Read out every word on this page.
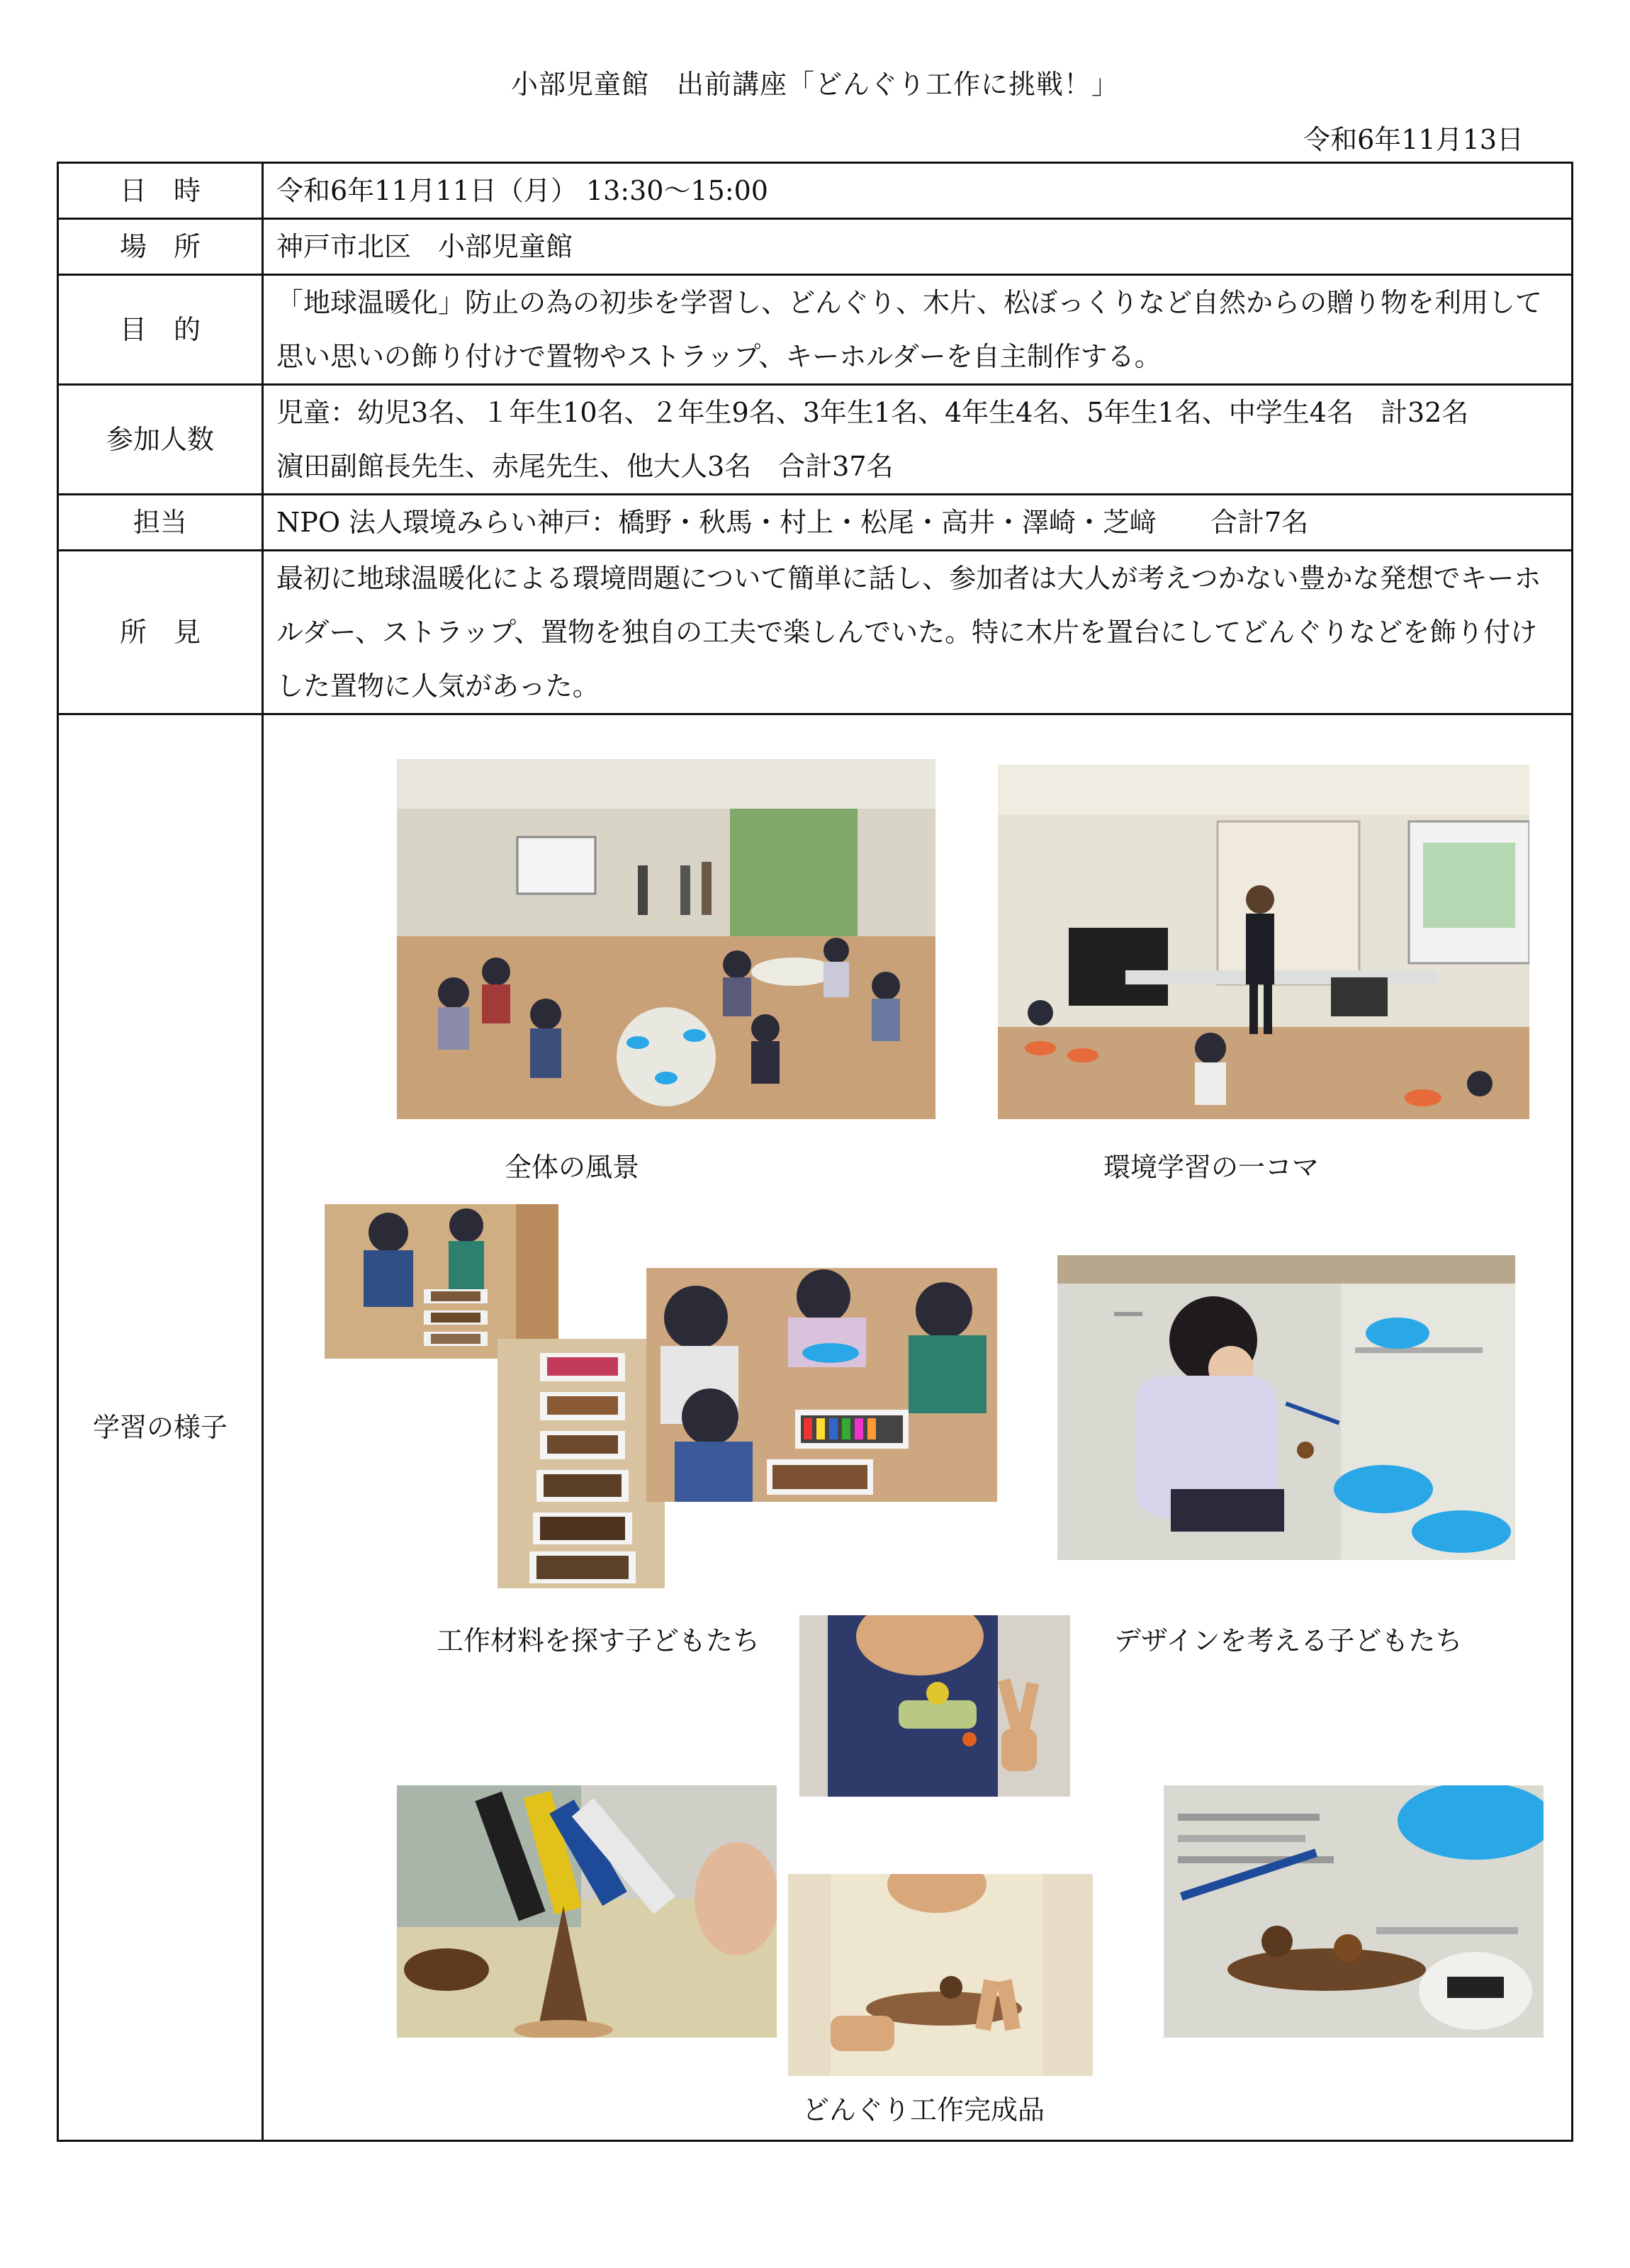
小部児童館　出前講座「どんぐり工作に挑戦！」
令和6年11月13日
日　時	令和6年11月11日（月） 13:30〜15:00
場　所	神戸市北区　小部児童館
目　的	「地球温暖化」防止の為の初歩を学習し、どんぐり、木片、松ぼっくりなど自然からの贈り物を利用して思い思いの飾り付けで置物やストラップ、キーホルダーを自主制作する。
参加人数	児童：幼児3名、１年生10名、２年生9名、3年生1名、4年生4名、5年生1名、中学生4名　計32名
濵田副館長先生、赤尾先生、他大人3名　合計37名

担当	NPO 法人環境みらい神戸：橋野・秋馬・村上・松尾・高井・澤崎・芝﨑　　合計7名
所　見	最初に地球温暖化による環境問題について簡単に話し、参加者は大人が考えつかない豊かな発想でキーホルダー、ストラップ、置物を独自の工夫で楽しんでいた。特に木片を置台にしてどんぐりなどを飾り付けした置物に人気があった。
学習の様子	全体の風景 環境学習の一コマ
工作材料を探す子どもたち デザインを考える子どもたち
どんぐり工作完成品
